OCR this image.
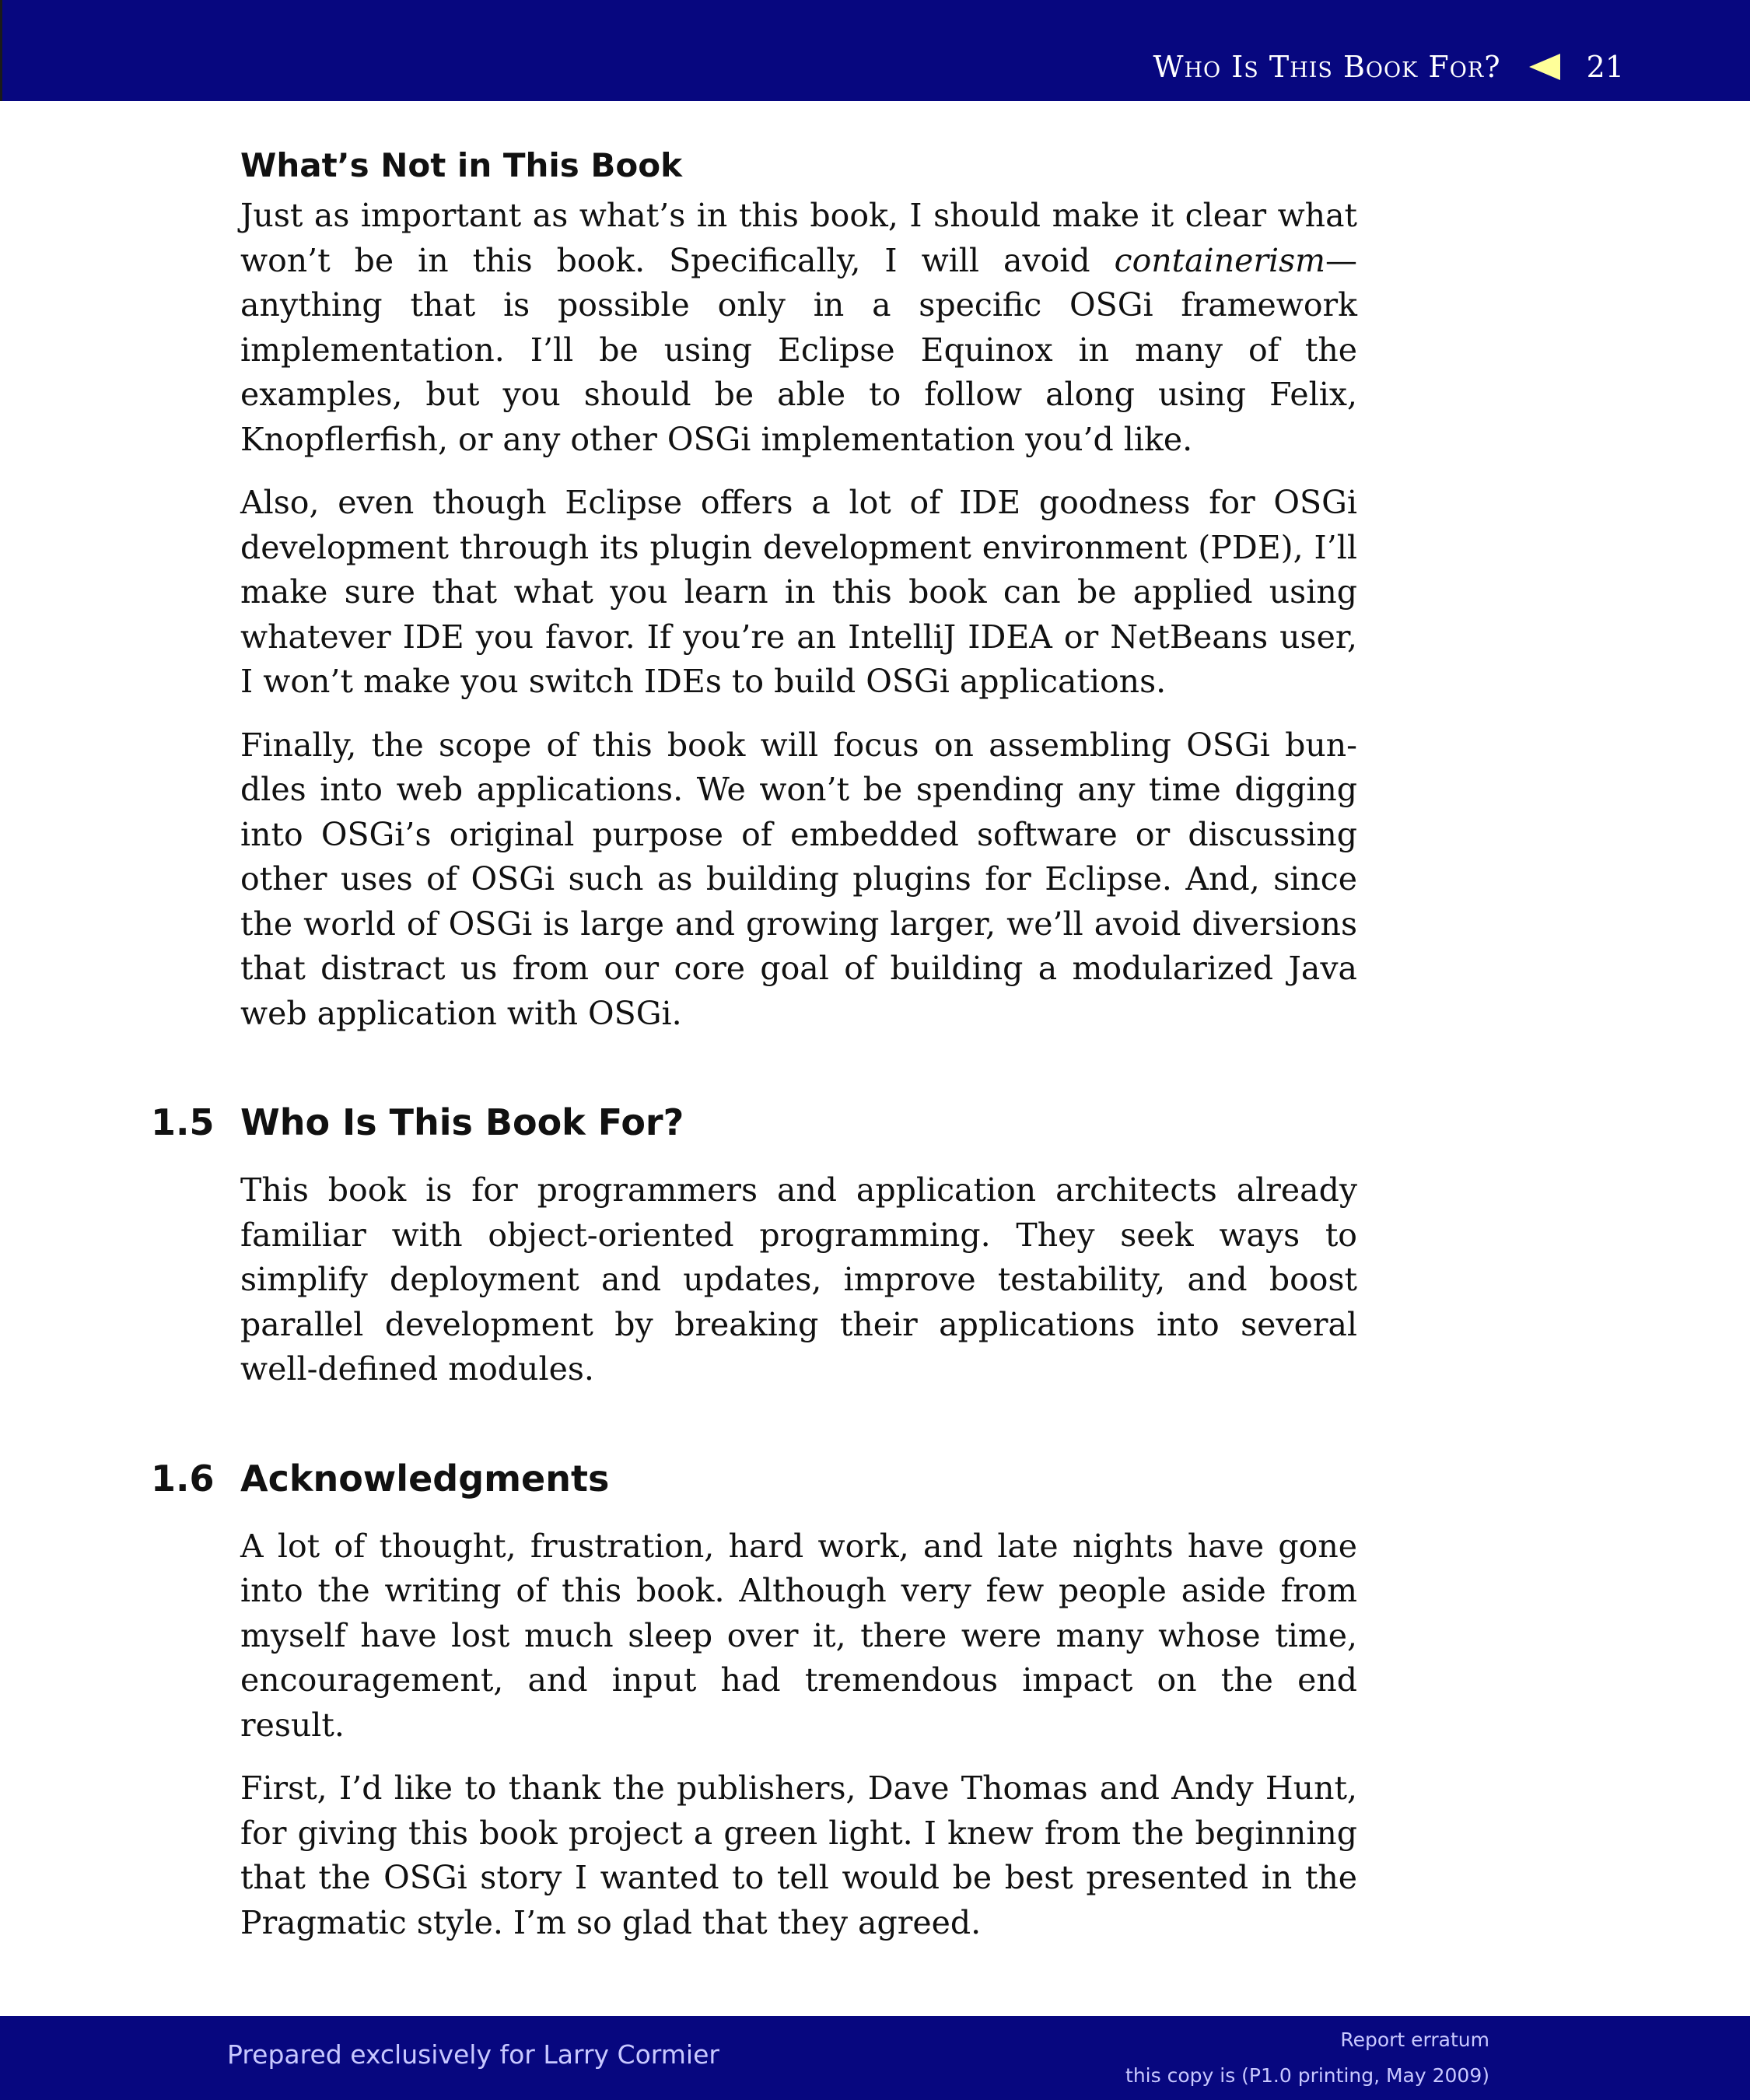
Who Is This Book For?	21
What’s Not in This Book

Just as important as what’s in this book, I should make it clear what won’t be in this book. Specifically, I will avoid containerism—anything that is possible only in a specific OSGi framework implementation. I’ll be using Eclipse Equinox in many of the examples, but you should be able to follow along using Felix, Knopflerfish, or any other OSGi implementation you’d like.

Also, even though Eclipse offers a lot of IDE goodness for OSGi development through its plugin development environment (PDE), I’ll make sure that what you learn in this book can be applied using whatever IDE you favor. If you’re an IntelliJ IDEA or NetBeans user, I won’t make you switch IDEs to build OSGi applications.

Finally, the scope of this book will focus on assembling OSGi bundles into web applications. We won’t be spending any time digging into OSGi’s original purpose of embedded software or discussing other uses of OSGi such as building plugins for Eclipse. And, since the world of OSGi is large and growing larger, we’ll avoid diversions that distract us from our core goal of building a modularized Java web application with OSGi.

1.5 Who Is This Book For?

This book is for programmers and application architects already familiar with object-oriented programming. They seek ways to simplify deployment and updates, improve testability, and boost parallel development by breaking their applications into several well-defined modules.

1.6 Acknowledgments

A lot of thought, frustration, hard work, and late nights have gone into the writing of this book. Although very few people aside from myself have lost much sleep over it, there were many whose time, encouragement, and input had tremendous impact on the end result.

First, I’d like to thank the publishers, Dave Thomas and Andy Hunt, for giving this book project a green light. I knew from the beginning that the OSGi story I wanted to tell would be best presented in the Pragmatic style. I’m so glad that they agreed.

Prepared exclusively for Larry Cormier	Report erratum
this copy is (P1.0 printing, May 2009)
